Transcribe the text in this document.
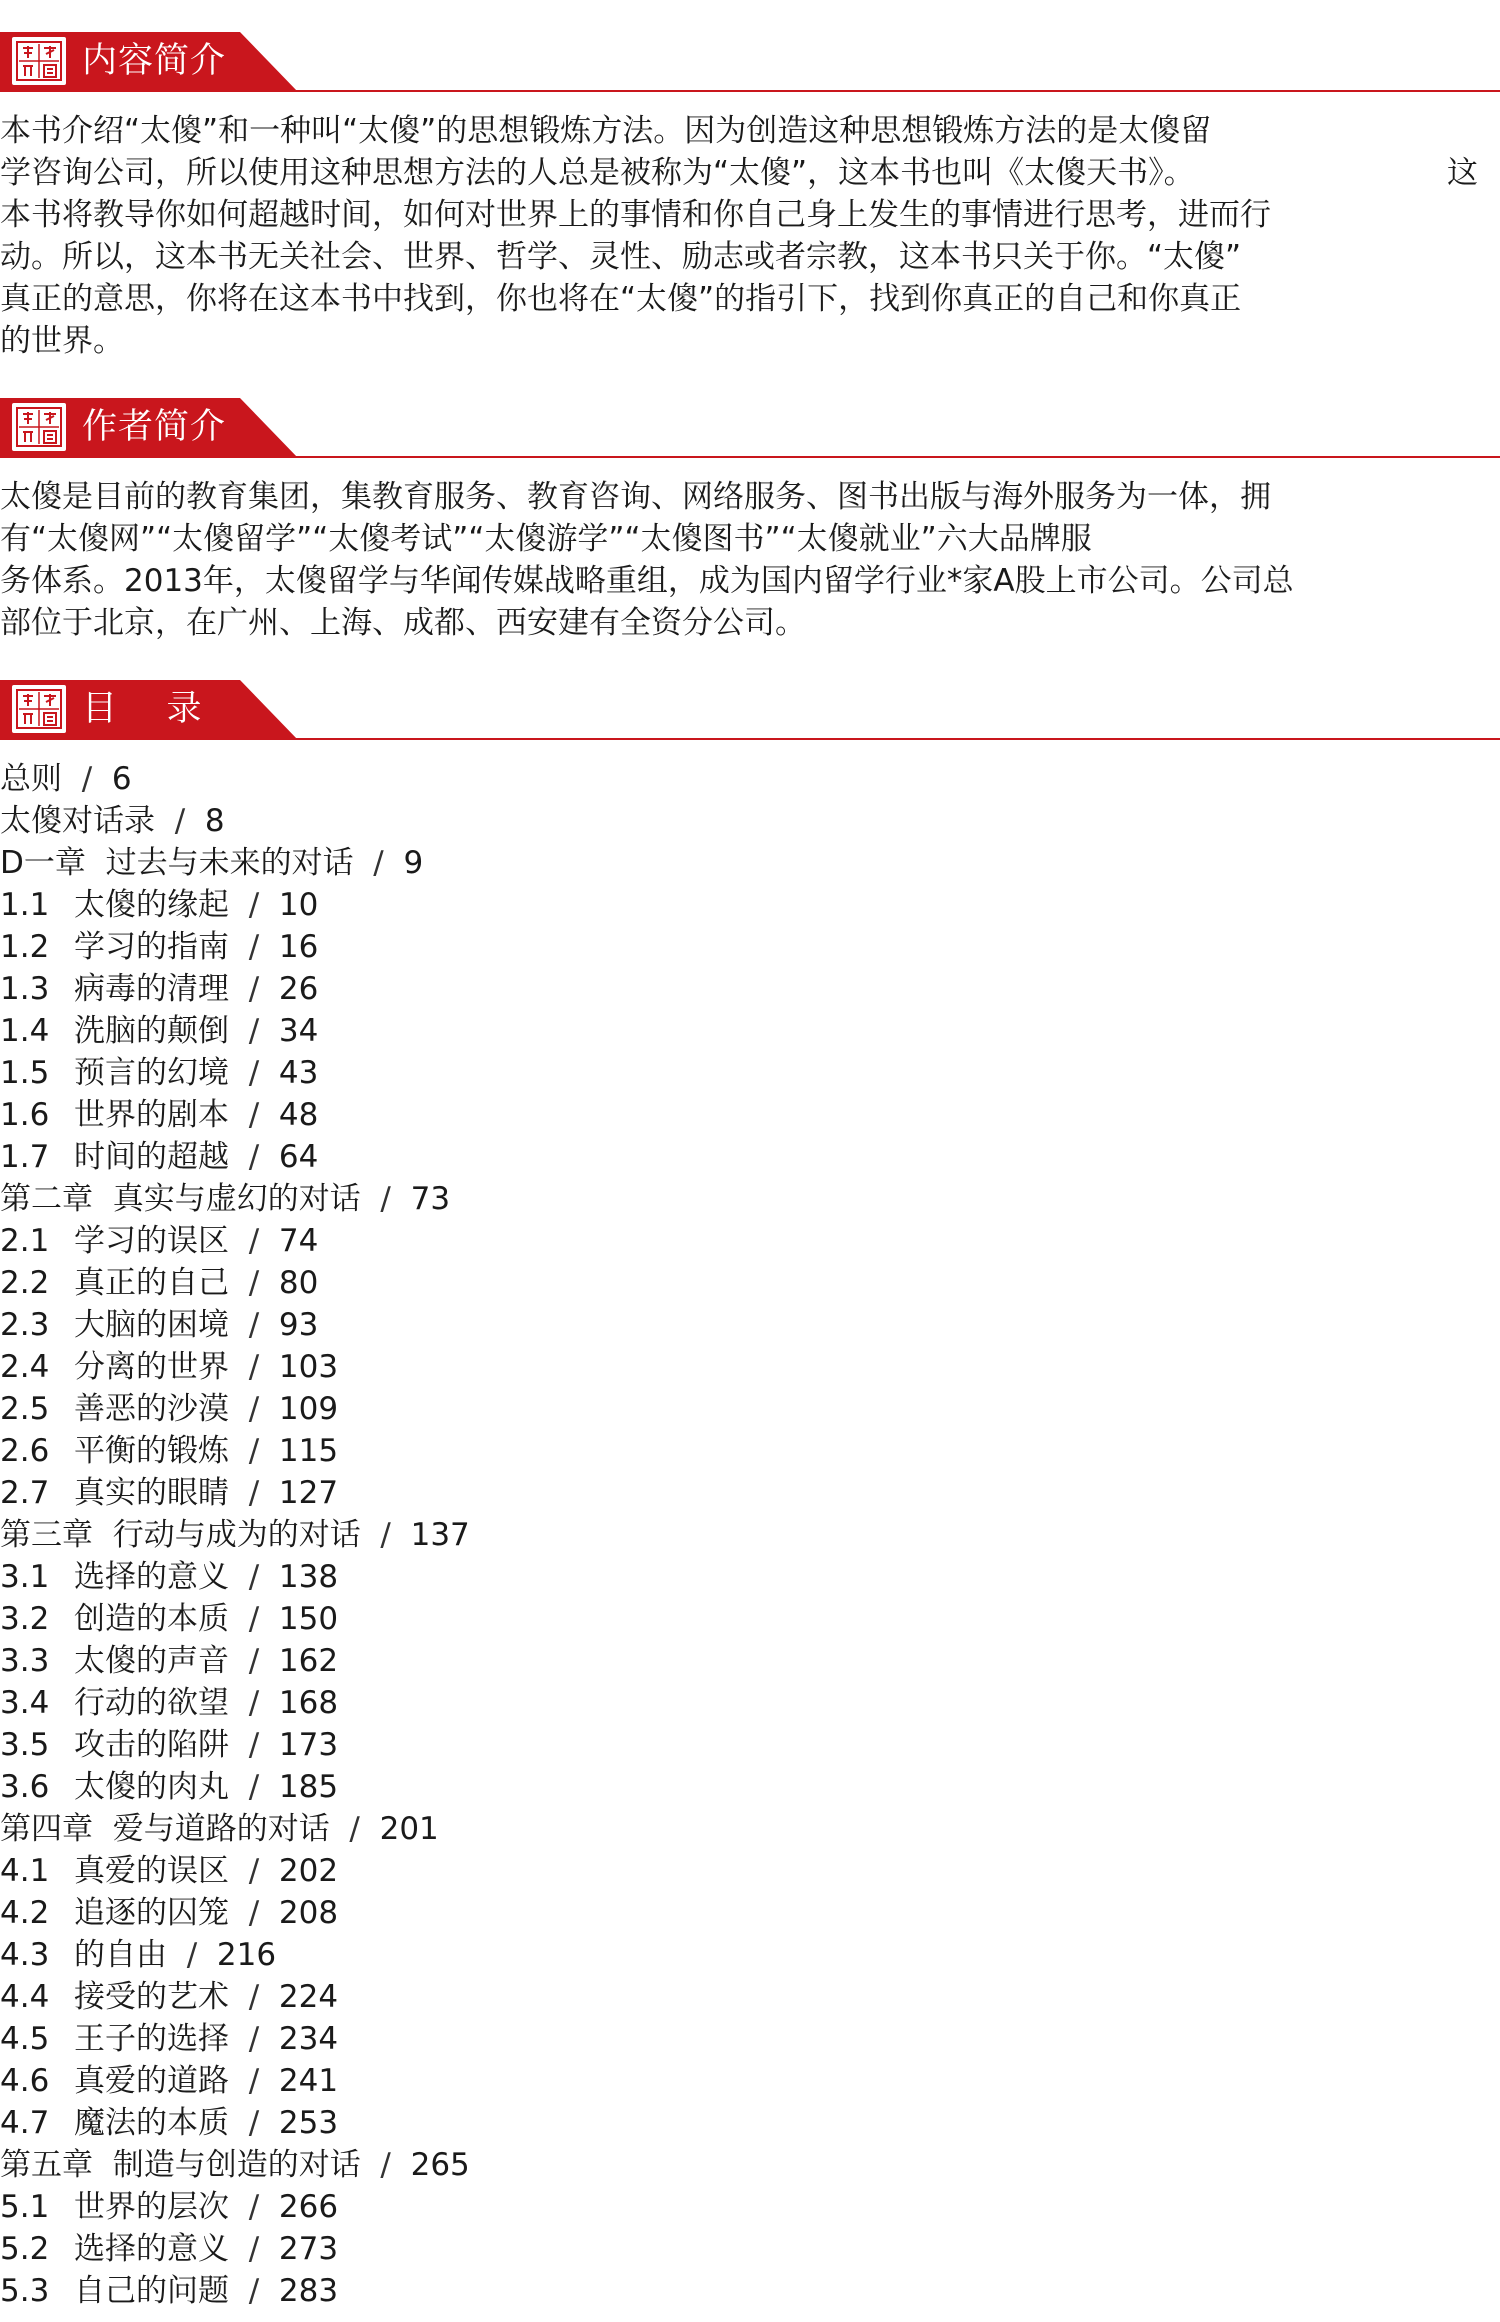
内容简介
本书介绍“太傻”和一种叫“太傻”的思想锻炼方法。因为创造这种思想锻炼方法的是太傻留
学咨询公司，所以使用这种思想方法的人总是被称为“太傻”，这本书也叫《太傻天书》。
本书将教导你如何超越时间，如何对世界上的事情和你自己身上发生的事情进行思考，进而行
动。所以，这本书无关社会、世界、哲学、灵性、励志或者宗教，这本书只关于你。“太傻”
真正的意思，你将在这本书中找到，你也将在“太傻”的指引下，找到你真正的自己和你真正
的世界。
这
作者简介
太傻是目前的教育集团，集教育服务、教育咨询、网络服务、图书出版与海外服务为一体，拥
有“太傻网”“太傻留学”“太傻考试”“太傻游学”“太傻图书”“太傻就业”六大品牌服
务体系。2013年，太傻留学与华闻传媒战略重组，成为国内留学行业*家A股上市公司。公司总
部位于北京，在广州、上海、成都、西安建有全资分公司。
目    录
总则  /  6
太傻对话录  /  8
D一章  过去与未来的对话  /  9
1.1 太傻的缘起  /  10
1.2 学习的指南  /  16
1.3 病毒的清理  /  26
1.4 洗脑的颠倒  /  34
1.5 预言的幻境  /  43
1.6 世界的剧本  /  48
1.7 时间的超越  /  64
第二章  真实与虚幻的对话  /  73
2.1 学习的误区  /  74
2.2 真正的自己  /  80
2.3 大脑的困境  /  93
2.4 分离的世界  /  103
2.5 善恶的沙漠  /  109
2.6 平衡的锻炼  /  115
2.7 真实的眼睛  /  127
第三章  行动与成为的对话  /  137
3.1 选择的意义  /  138
3.2 创造的本质  /  150
3.3 太傻的声音  /  162
3.4 行动的欲望  /  168
3.5 攻击的陷阱  /  173
3.6 太傻的肉丸  /  185
第四章  爱与道路的对话  /  201
4.1 真爱的误区  /  202
4.2 追逐的囚笼  /  208
4.3 的自由  /  216
4.4 接受的艺术  /  224
4.5 王子的选择  /  234
4.6 真爱的道路  /  241
4.7 魔法的本质  /  253
第五章  制造与创造的对话  /  265
5.1 世界的层次  /  266
5.2 选择的意义  /  273
5.3 自己的问题  /  283
